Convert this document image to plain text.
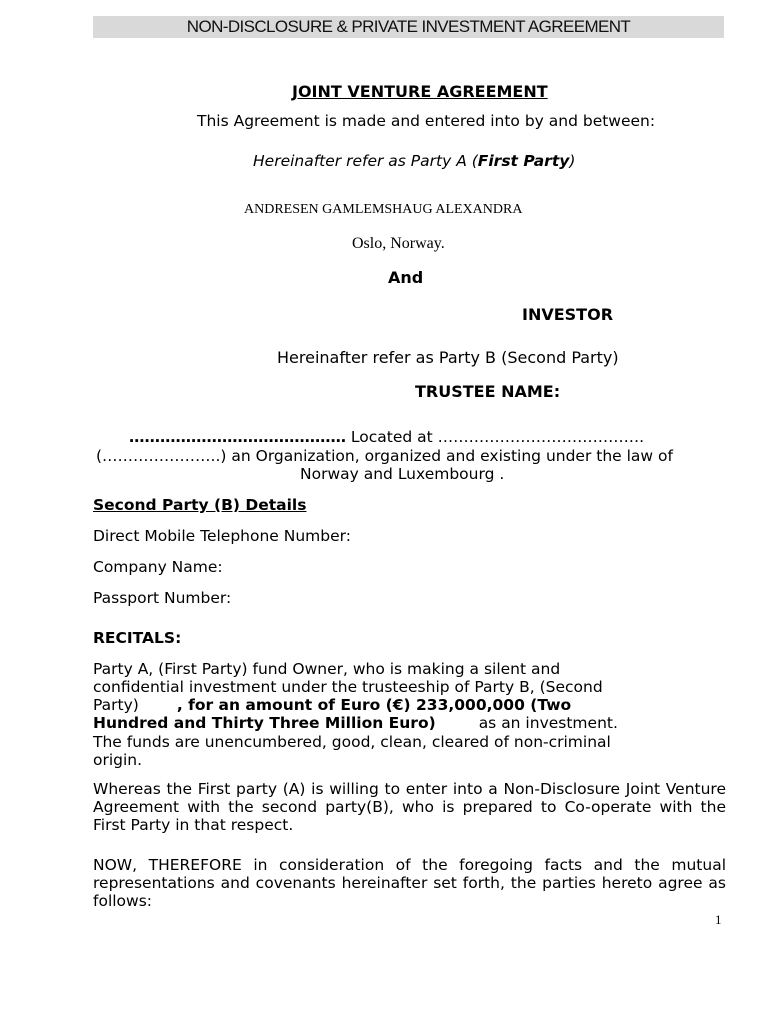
NON-DISCLOSURE & PRIVATE INVESTMENT AGREEMENT
JOINT VENTURE AGREEMENT
This Agreement is made and entered into by and between:
Hereinafter refer as Party A (First Party)
ANDRESEN GAMLEMSHAUG ALEXANDRA
Oslo, Norway.
And
INVESTOR
Hereinafter refer as Party B (Second Party)
TRUSTEE NAME:
…………………………………… Located at ………………………………….
(…………………..) an Organization, organized and existing under the law of
Norway and Luxembourg .
Second Party (B) Details
Direct Mobile Telephone Number:
Company Name:
Passport Number:
RECITALS:
Party A, (First Party) fund Owner, who is making a silent and
confidential investment under the trusteeship of Party B, (Second
Party) , for an amount of Euro (€) 233,000,000 (Two
Hundred and Thirty Three Million Euro)	as an investment.
The funds are unencumbered, good, clean, cleared of non-criminal
origin.
Whereas the First party (A) is willing to enter into a Non-Disclosure Joint Venture Agreement with the second party(B), who is prepared to Co-operate with the First Party in that respect.
NOW, THEREFORE in consideration of the foregoing facts and the mutual representations and covenants hereinafter set forth, the parties hereto agree as follows:
1
